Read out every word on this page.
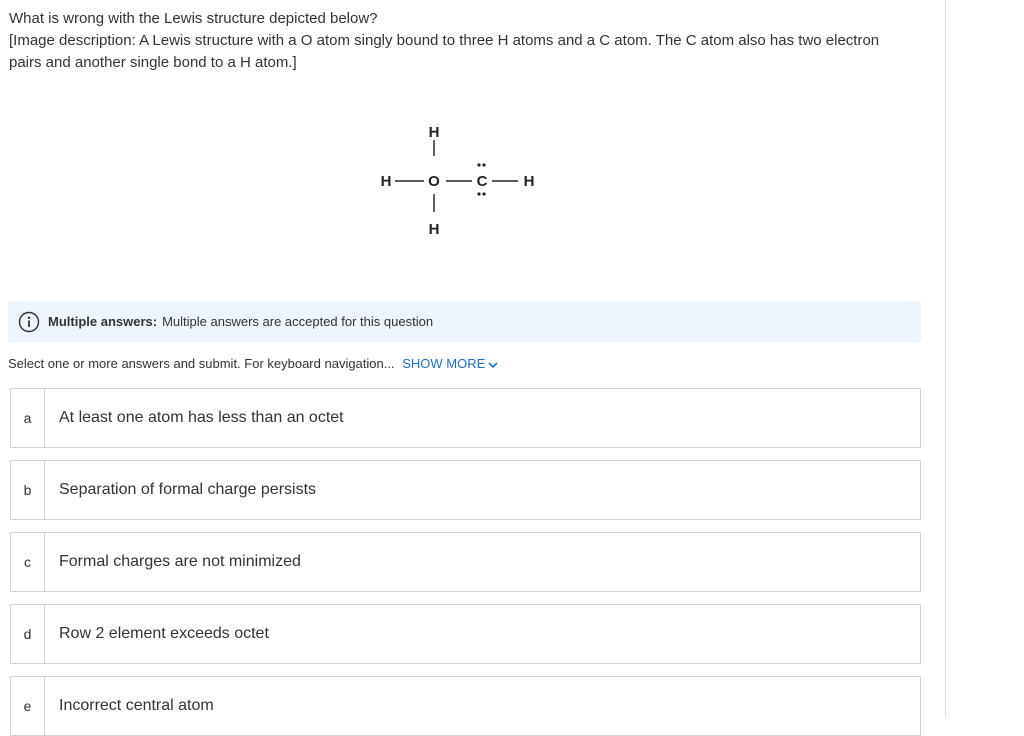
What is wrong with the Lewis structure depicted below?

[Image description: A Lewis structure with a O atom singly bound to three H atoms and a C atom. The C atom also has two electron pairs and another single bond to a H atom.]

H
H O C H
H
Multiple answers: Multiple answers are accepted for this question
Select one or more answers and submit. For keyboard navigation... SHOW MORE
a	At least one atom has less than an octet
b	Separation of formal charge persists
c	Formal charges are not minimized
d	Row 2 element exceeds octet
e	Incorrect central atom
